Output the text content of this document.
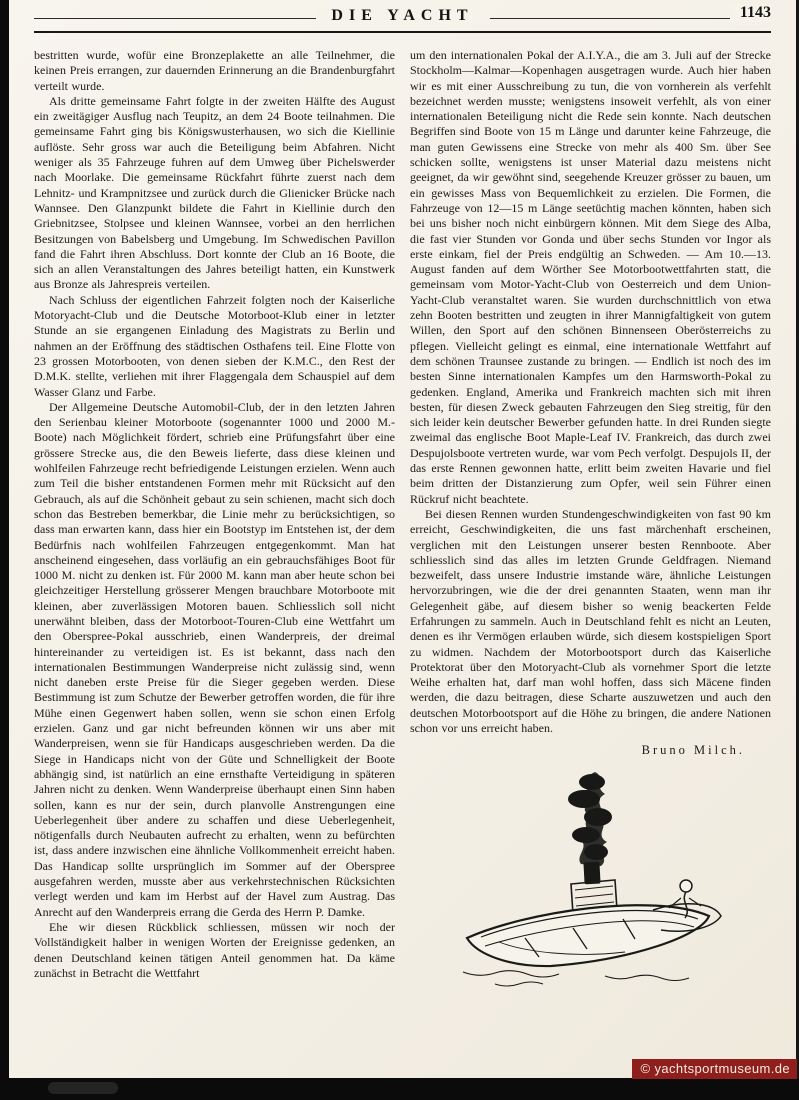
DIE YACHT	1143

bestritten wurde, wofür eine Bronzeplakette an alle Teilnehmer, die keinen Preis errangen, zur dauernden Erinnerung an die Brandenburgfahrt verteilt wurde.

Als dritte gemeinsame Fahrt folgte in der zweiten Hälfte des August ein zweitägiger Ausflug nach Teupitz, an dem 24 Boote teilnahmen. Die gemeinsame Fahrt ging bis Königswusterhausen, wo sich die Kiellinie auflöste. Sehr gross war auch die Beteiligung beim Abfahren. Nicht weniger als 35 Fahrzeuge fuhren auf dem Umweg über Pichelswerder nach Moorlake. Die gemeinsame Rückfahrt führte zuerst nach dem Lehnitz- und Krampnitzsee und zurück durch die Glienicker Brücke nach Wannsee. Den Glanzpunkt bildete die Fahrt in Kiellinie durch den Griebnitzsee, Stolpsee und kleinen Wannsee, vorbei an den herrlichen Besitzungen von Babelsberg und Umgebung. Im Schwedischen Pavillon fand die Fahrt ihren Abschluss. Dort konnte der Club an 16 Boote, die sich an allen Veranstaltungen des Jahres beteiligt hatten, ein Kunstwerk aus Bronze als Jahrespreis verteilen.

Nach Schluss der eigentlichen Fahrzeit folgten noch der Kaiserliche Motoryacht-Club und die Deutsche Motorboot-Klub einer in letzter Stunde an sie ergangenen Einladung des Magistrats zu Berlin und nahmen an der Eröffnung des städtischen Osthafens teil. Eine Flotte von 23 grossen Motorbooten, von denen sieben der K.M.C., den Rest der D.M.K. stellte, verliehen mit ihrer Flaggengala dem Schauspiel auf dem Wasser Glanz und Farbe.

Der Allgemeine Deutsche Automobil-Club, der in den letzten Jahren den Serienbau kleiner Motorboote (sogenannter 1000 und 2000 M.-Boote) nach Möglichkeit fördert, schrieb eine Prüfungsfahrt über eine grössere Strecke aus, die den Beweis lieferte, dass diese kleinen und wohlfeilen Fahrzeuge recht befriedigende Leistungen erzielen. Wenn auch zum Teil die bisher entstandenen Formen mehr mit Rücksicht auf den Gebrauch, als auf die Schönheit gebaut zu sein schienen, macht sich doch schon das Bestreben bemerkbar, die Linie mehr zu berücksichtigen, so dass man erwarten kann, dass hier ein Bootstyp im Entstehen ist, der dem Bedürfnis nach wohlfeilen Fahrzeugen entgegenkommt. Man hat anscheinend eingesehen, dass vorläufig an ein gebrauchsfähiges Boot für 1000 M. nicht zu denken ist. Für 2000 M. kann man aber heute schon bei gleichzeitiger Herstellung grösserer Mengen brauchbare Motorboote mit kleinen, aber zuverlässigen Motoren bauen. Schliesslich soll nicht unerwähnt bleiben, dass der Motorboot-Touren-Club eine Wettfahrt um den Oberspree-Pokal ausschrieb, einen Wanderpreis, der dreimal hintereinander zu verteidigen ist. Es ist bekannt, dass nach den internationalen Bestimmungen Wanderpreise nicht zulässig sind, wenn nicht daneben erste Preise für die Sieger gegeben werden. Diese Bestimmung ist zum Schutze der Bewerber getroffen worden, die für ihre Mühe einen Gegenwert haben sollen, wenn sie schon einen Erfolg erzielen. Ganz und gar nicht befreunden können wir uns aber mit Wanderpreisen, wenn sie für Handicaps ausgeschrieben werden. Da die Siege in Handicaps nicht von der Güte und Schnelligkeit der Boote abhängig sind, ist natürlich an eine ernsthafte Verteidigung in späteren Jahren nicht zu denken. Wenn Wanderpreise überhaupt einen Sinn haben sollen, kann es nur der sein, durch planvolle Anstrengungen eine Ueberlegenheit über andere zu schaffen und diese Ueberlegenheit, nötigenfalls durch Neubauten aufrecht zu erhalten, wenn zu befürchten ist, dass andere inzwischen eine ähnliche Vollkommenheit erreicht haben. Das Handicap sollte ursprünglich im Sommer auf der Oberspree ausgefahren werden, musste aber aus verkehrstechnischen Rücksichten verlegt werden und kam im Herbst auf der Havel zum Austrag. Das Anrecht auf den Wanderpreis errang die Gerda des Herrn P. Damke.

Ehe wir diesen Rückblick schliessen, müssen wir noch der Vollständigkeit halber in wenigen Worten der Ereignisse gedenken, an denen Deutschland keinen tätigen Anteil genommen hat. Da käme zunächst in Betracht die Wettfahrt

um den internationalen Pokal der A.I.Y.A., die am 3. Juli auf der Strecke Stockholm—Kalmar—Kopenhagen ausgetragen wurde. Auch hier haben wir es mit einer Ausschreibung zu tun, die von vornherein als verfehlt bezeichnet werden musste; wenigstens insoweit verfehlt, als von einer internationalen Beteiligung nicht die Rede sein konnte. Nach deutschen Begriffen sind Boote von 15 m Länge und darunter keine Fahrzeuge, die man guten Gewissens eine Strecke von mehr als 400 Sm. über See schicken sollte, wenigstens ist unser Material dazu meistens nicht geeignet, da wir gewöhnt sind, seegehende Kreuzer grösser zu bauen, um ein gewisses Mass von Bequemlichkeit zu erzielen. Die Formen, die Fahrzeuge von 12—15 m Länge seetüchtig machen könnten, haben sich bei uns bisher noch nicht einbürgern können. Mit dem Siege des Alba, die fast vier Stunden vor Gonda und über sechs Stunden vor Ingor als erste einkam, fiel der Preis endgültig an Schweden. — Am 10.—13. August fanden auf dem Wörther See Motorbootwettfahrten statt, die gemeinsam vom Motor-Yacht-Club von Oesterreich und dem Union-Yacht-Club veranstaltet waren. Sie wurden durchschnittlich von etwa zehn Booten bestritten und zeugten in ihrer Mannigfaltigkeit von gutem Willen, den Sport auf den schönen Binnenseen Oberösterreichs zu pflegen. Vielleicht gelingt es einmal, eine internationale Wettfahrt auf dem schönen Traunsee zustande zu bringen. — Endlich ist noch des im besten Sinne internationalen Kampfes um den Harmsworth-Pokal zu gedenken. England, Amerika und Frankreich machten sich mit ihren besten, für diesen Zweck gebauten Fahrzeugen den Sieg streitig, für den sich leider kein deutscher Bewerber gefunden hatte. In drei Runden siegte zweimal das englische Boot Maple-Leaf IV. Frankreich, das durch zwei Despujolsboote vertreten wurde, war vom Pech verfolgt. Despujols II, der das erste Rennen gewonnen hatte, erlitt beim zweiten Havarie und fiel beim dritten der Distanzierung zum Opfer, weil sein Führer einen Rückruf nicht beachtete.

Bei diesen Rennen wurden Stundengeschwindigkeiten von fast 90 km erreicht, Geschwindigkeiten, die uns fast märchenhaft erscheinen, verglichen mit den Leistungen unserer besten Rennboote. Aber schliesslich sind das alles im letzten Grunde Geldfragen. Niemand bezweifelt, dass unsere Industrie imstande wäre, ähnliche Leistungen hervorzubringen, wie die der drei genannten Staaten, wenn man ihr Gelegenheit gäbe, auf diesem bisher so wenig beackerten Felde Erfahrungen zu sammeln. Auch in Deutschland fehlt es nicht an Leuten, denen es ihr Vermögen erlauben würde, sich diesem kostspieligen Sport zu widmen. Nachdem der Motorbootsport durch das Kaiserliche Protektorat über den Motoryacht-Club als vornehmer Sport die letzte Weihe erhalten hat, darf man wohl hoffen, dass sich Mäcene finden werden, die dazu beitragen, diese Scharte auszuwetzen und auch den deutschen Motorbootsport auf die Höhe zu bringen, die andere Nationen schon vor uns erreicht haben.

Bruno Milch.
© yachtsportmuseum.de
